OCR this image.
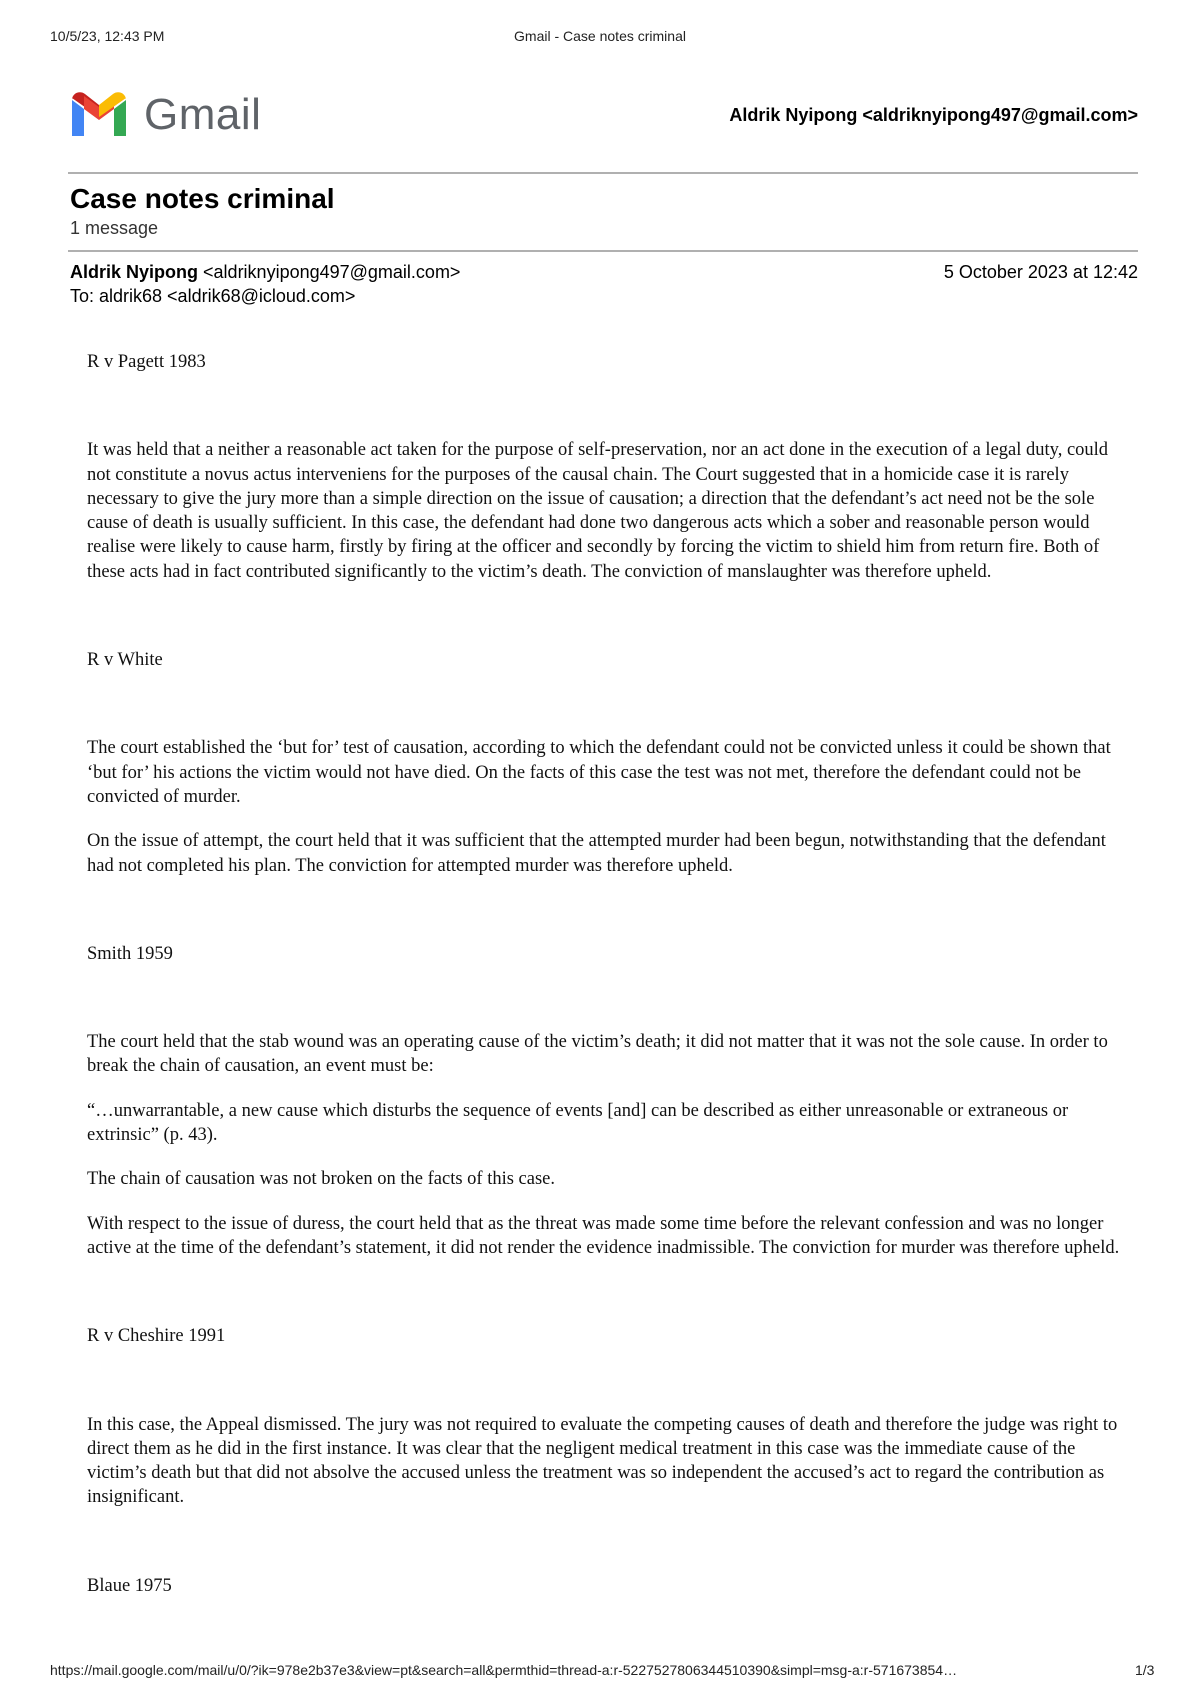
10/5/23, 12:43 PM	Gmail - Case notes criminal
Gmail	Aldrik Nyipong <aldriknyipong497@gmail.com>
Case notes criminal
1 message
Aldrik Nyipong <aldriknyipong497@gmail.com>	5 October 2023 at 12:42
To: aldrik68 <aldrik68@icloud.com>

R v Pagett 1983

It was held that a neither a reasonable act taken for the purpose of self-preservation, nor an act done in the execution of a legal duty, could not constitute a novus actus interveniens for the purposes of the causal chain. The Court suggested that in a homicide case it is rarely necessary to give the jury more than a simple direction on the issue of causation; a direction that the defendant’s act need not be the sole cause of death is usually sufficient. In this case, the defendant had done two dangerous acts which a sober and reasonable person would realise were likely to cause harm, firstly by firing at the officer and secondly by forcing the victim to shield him from return fire. Both of these acts had in fact contributed significantly to the victim’s death. The conviction of manslaughter was therefore upheld.

R v White

The court established the ‘but for’ test of causation, according to which the defendant could not be convicted unless it could be shown that ‘but for’ his actions the victim would not have died. On the facts of this case the test was not met, therefore the defendant could not be convicted of murder.

On the issue of attempt, the court held that it was sufficient that the attempted murder had been begun, notwithstanding that the defendant had not completed his plan. The conviction for attempted murder was therefore upheld.

Smith 1959

The court held that the stab wound was an operating cause of the victim’s death; it did not matter that it was not the sole cause. In order to break the chain of causation, an event must be:

“…unwarrantable, a new cause which disturbs the sequence of events [and] can be described as either unreasonable or extraneous or extrinsic” (p. 43).

The chain of causation was not broken on the facts of this case.

With respect to the issue of duress, the court held that as the threat was made some time before the relevant confession and was no longer active at the time of the defendant’s statement, it did not render the evidence inadmissible. The conviction for murder was therefore upheld.

R v Cheshire 1991

In this case, the Appeal dismissed. The jury was not required to evaluate the competing causes of death and therefore the judge was right to direct them as he did in the first instance. It was clear that the negligent medical treatment in this case was the immediate cause of the victim’s death but that did not absolve the accused unless the treatment was so independent the accused’s act to regard the contribution as insignificant.

Blaue 1975

https://mail.google.com/mail/u/0/?ik=978e2b37e3&view=pt&search=all&permthid=thread-a:r-5227527806344510390&simpl=msg-a:r-571673854…	1/3
